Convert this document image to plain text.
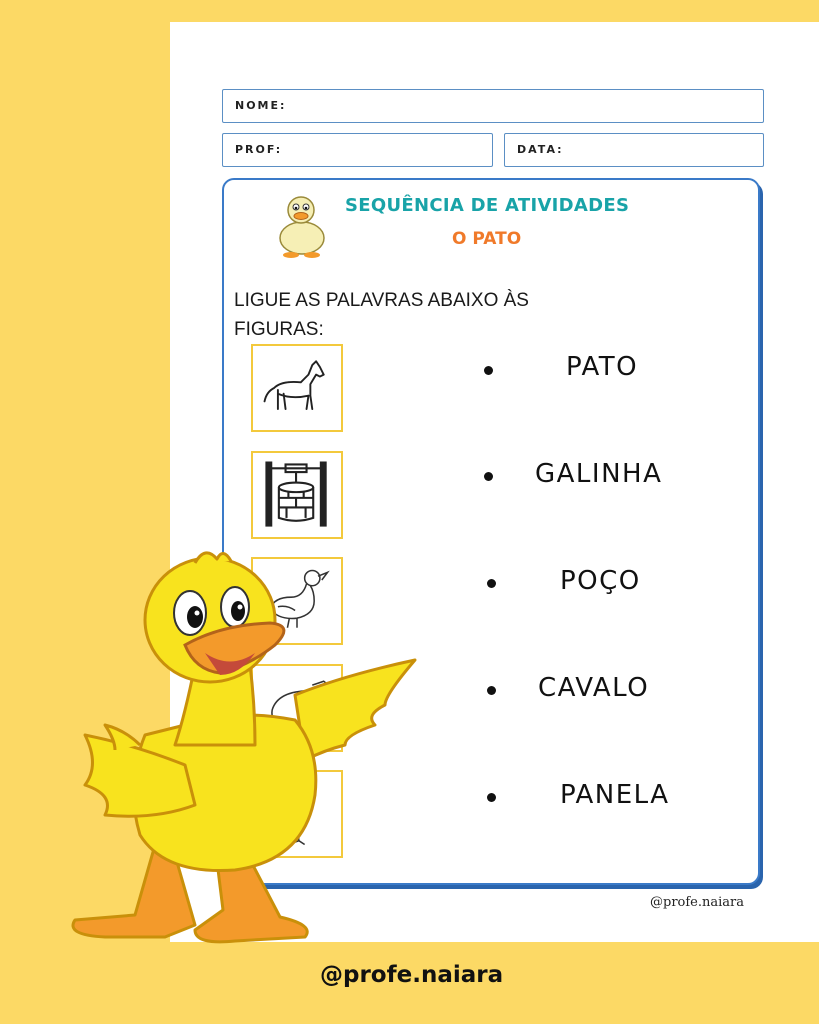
NOME:
PROF:	DATA:
SEQUÊNCIA DE ATIVIDADES
O PATO
LIGUE AS PALAVRAS ABAIXO ÀS FIGURAS:
PATO
GALINHA
POÇO
CAVALO
PANELA
@profe.naiara
@profe.naiara
